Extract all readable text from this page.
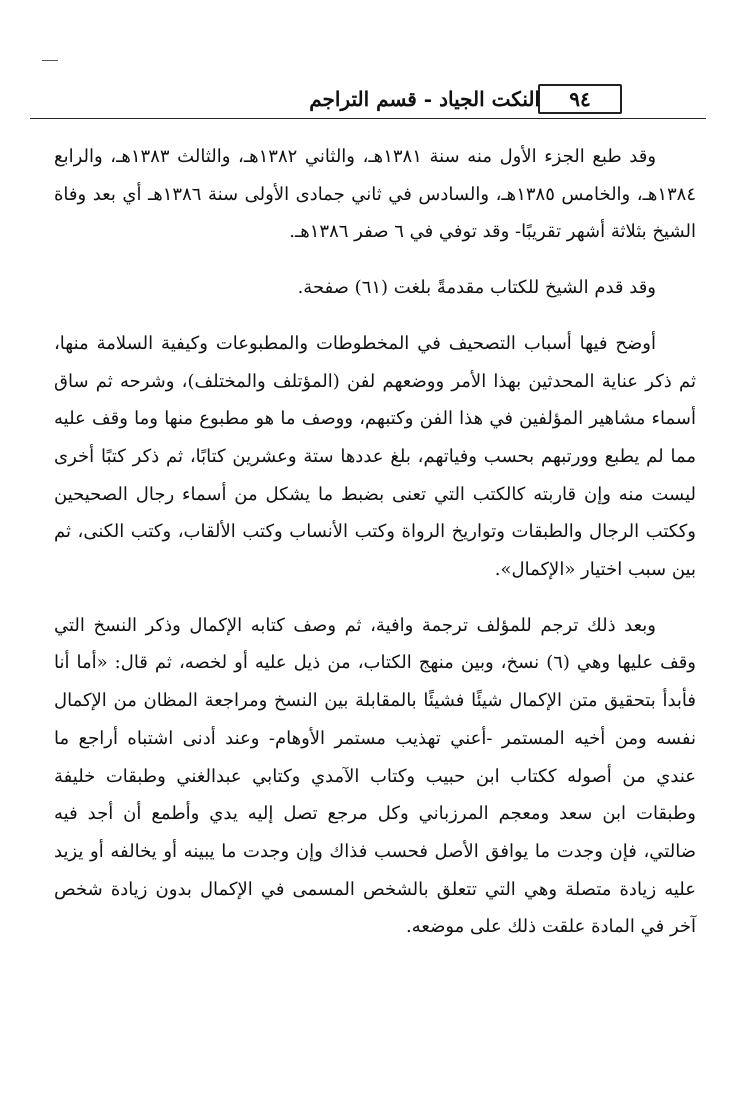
٩٤
النكت الجياد - قسم التراجم

وقد طبع الجزء الأول منه سنة ١٣٨١هـ، والثاني ١٣٨٢هـ، والثالث ١٣٨٣هـ، والرابع ١٣٨٤هـ، والخامس ١٣٨٥هـ، والسادس في ثاني جمادى الأولى سنة ١٣٨٦هـ أي بعد وفاة الشيخ بثلاثة أشهر تقريبًا- وقد توفي في ٦ صفر ١٣٨٦هـ.

وقد قدم الشيخ للكتاب مقدمةً بلغت (٦١) صفحة.

أوضح فيها أسباب التصحيف في المخطوطات والمطبوعات وكيفية السلامة منها، ثم ذكر عناية المحدثين بهذا الأمر ووضعهم لفن (المؤتلف والمختلف)، وشرحه ثم ساق أسماء مشاهير المؤلفين في هذا الفن وكتبهم، ووصف ما هو مطبوع منها وما وقف عليه مما لم يطبع وورتبهم بحسب وفياتهم، بلغ عددها ستة وعشرين كتابًا، ثم ذكر كتبًا أخرى ليست منه وإن قاربته كالكتب التي تعنى بضبط ما يشكل من أسماء رجال الصحيحين وككتب الرجال والطبقات وتواريخ الرواة وكتب الأنساب وكتب الألقاب، وكتب الكنى، ثم بين سبب اختيار «الإكمال».

وبعد ذلك ترجم للمؤلف ترجمة وافية، ثم وصف كتابه الإكمال وذكر النسخ التي وقف عليها وهي (٦) نسخ، وبين منهج الكتاب، من ذيل عليه أو لخصه، ثم قال: «أما أنا فأبدأ بتحقيق متن الإكمال شيئًا فشيئًا بالمقابلة بين النسخ ومراجعة المظان من الإكمال نفسه ومن أخيه المستمر -أعني تهذيب مستمر الأوهام- وعند أدنى اشتباه أراجع ما عندي من أصوله ككتاب ابن حبيب وكتاب الآمدي وكتابي عبدالغني وطبقات خليفة وطبقات ابن سعد ومعجم المرزباني وكل مرجع تصل إليه يدي وأطمع أن أجد فيه ضالتي، فإن وجدت ما يوافق الأصل فحسب فذاك وإن وجدت ما يبينه أو يخالفه أو يزيد عليه زيادة متصلة وهي التي تتعلق بالشخص المسمى في الإكمال بدون زيادة شخص آخر في المادة علقت ذلك على موضعه.
